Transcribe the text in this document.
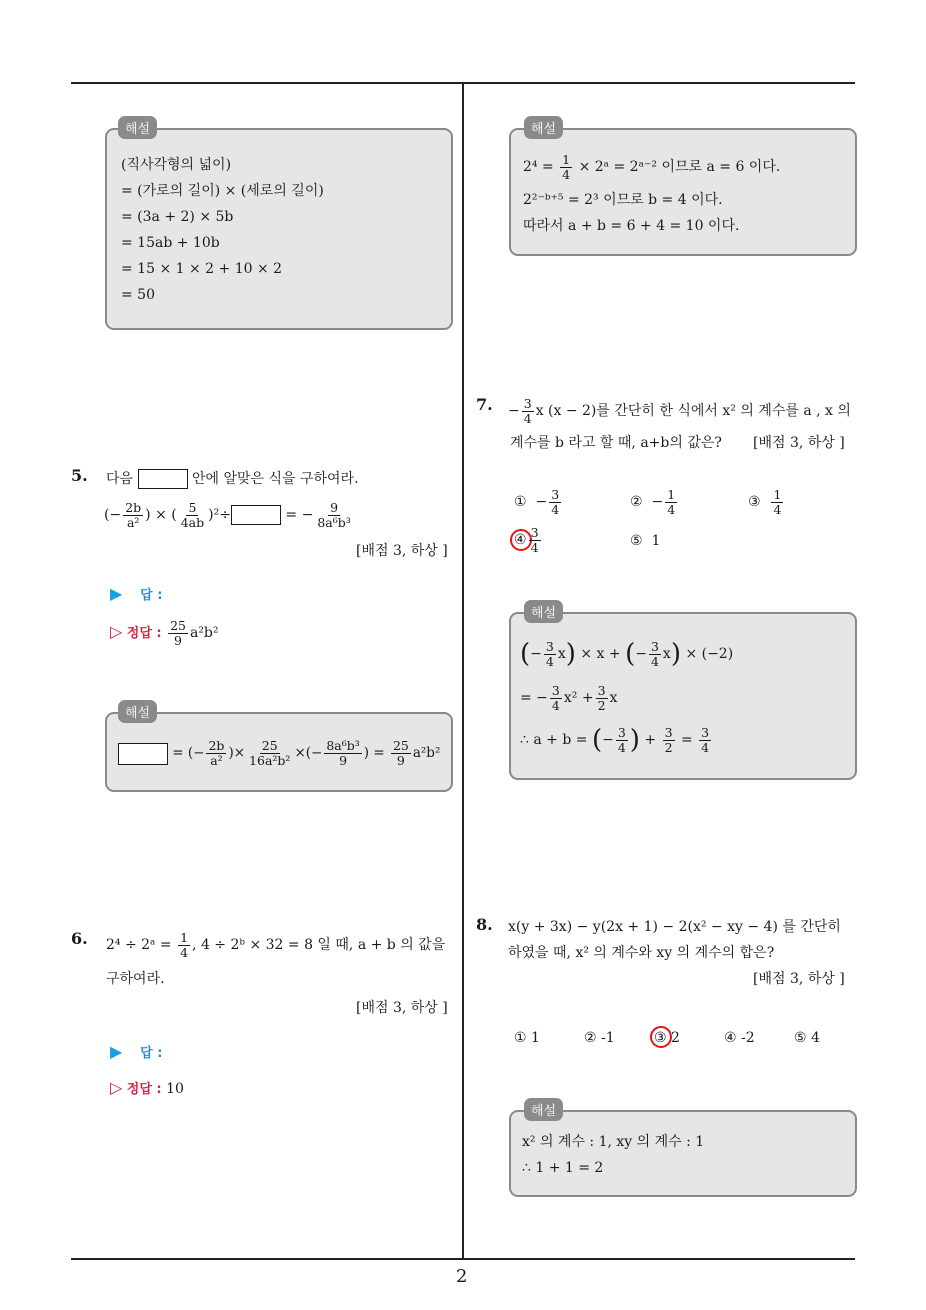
2
해설
(직사각형의 넓이)
= (가로의 길이) × (세로의 길이)
= (3a + 2) × 5b
= 15ab + 10b
= 15 × 1 × 2 + 10 × 2
= 50
5. 다음	안에 알맞은 식을 구하여라.
(− $\frac{2b}{\text{a²}}$ ) × ( $\frac{5}{4ab} )^2\div$	= − $\frac{9}{\text{8a⁶b³}}$
[배점 3, 하상 ]
▶ 답 :
▷ 정답 : $\frac{25}{9} a^2b^2$
해설
= (− $\frac{2b}{\text{a²}}$ )× $\frac{25}{\text{16a²b²}}$ ×(− $\frac{\text{8a⁶b³}}{9}$ ) = $\frac{25}{9} a^2b^2$
6. 2⁴ ÷ 2ᵃ = $\frac{1}{4}$ , 4 ÷ 2ᵇ × 32 = 8 일 때, a + b 의 값을
구하여라.
[배점 3, 하상 ]
▶ 답 :
▷ 정답 : 10
해설
$2^4 = \frac{1}{4}$ × 2ᵃ = 2ᵃ⁻² 이므로 a = 6 이다.
2²⁻ᵇ⁺⁵ = 2³ 이므로 b = 4 이다.
따라서 a + b = 6 + 4 = 10 이다.
7. − $\frac{3}{4}$ x (x − 2)를 간단히 한 식에서 x² 의 계수를 a , x 의
계수를 b 라고 할 때, a+b의 값은? [배점 3, 하상 ]
① − $\frac{3}{4}$	② − $\frac{1}{4}$	③ $\frac{1}{4}$
④ $\frac{3}{4}$	⑤ 1
해설
(− $\frac{3}{4} x) \times x$ + (− $\frac{3}{4} x) \times (-2)$
= − $\frac{3}{4} x^2 + \frac{3}{2}$ x
∴ a + b = (− $\frac{3}{4}$ ) + $\frac{3}{2} = \frac{3}{4}$
8. x(y + 3x) − y(2x + 1) − 2(x² − xy − 4) 를 간단히
하였을 때, x² 의 계수와 xy 의 계수의 합은?
[배점 3, 하상 ]
① 1	② -1	③ 2	④ -2	⑤ 4
해설
x² 의 계수 : 1, xy 의 계수 : 1
∴ 1 + 1 = 2
